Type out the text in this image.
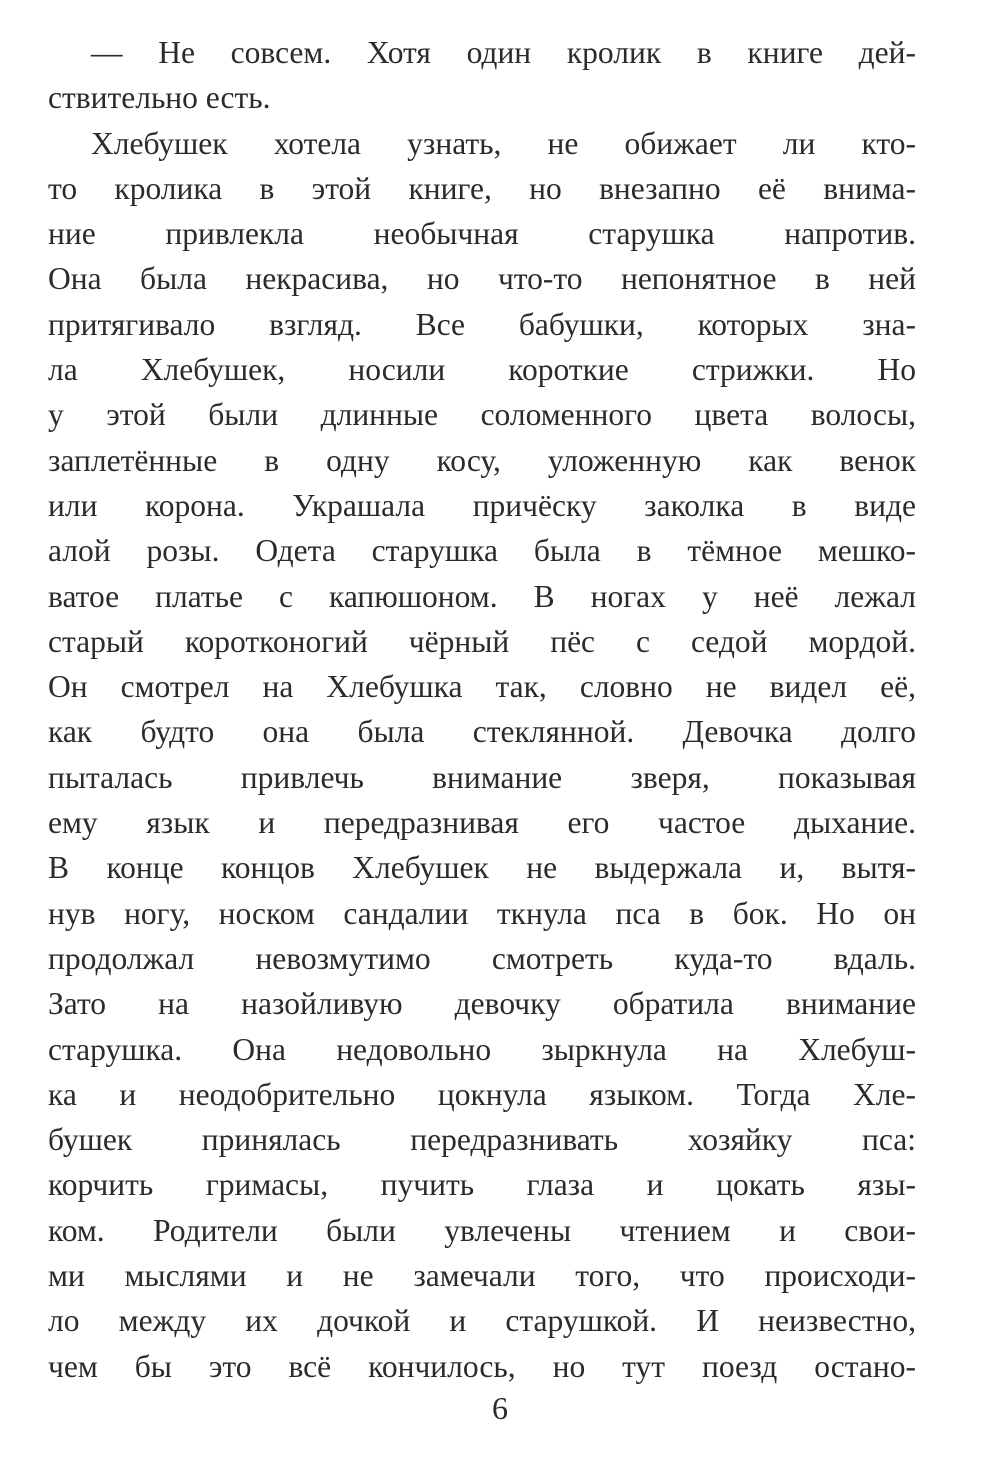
— Не совсем. Хотя один кролик в книге дей-
ствительно есть.
Хлебушек хотела узнать, не обижает ли кто-
то кролика в этой книге, но внезапно её внима-
ние привлекла необычная старушка напротив.
Она была некрасива, но что-то непонятное в ней
притягивало взгляд. Все бабушки, которых зна-
ла Хлебушек, носили короткие стрижки. Но
у этой были длинные соломенного цвета волосы,
заплетённые в одну косу, уложенную как венок
или корона. Украшала причёску заколка в виде
алой розы. Одета старушка была в тёмное мешко-
ватое платье с капюшоном. В ногах у неё лежал
старый коротконогий чёрный пёс с седой мордой.
Он смотрел на Хлебушка так, словно не видел её,
как будто она была стеклянной. Девочка долго
пыталась привлечь внимание зверя, показывая
ему язык и передразнивая его частое дыхание.
В конце концов Хлебушек не выдержала и, вытя-
нув ногу, носком сандалии ткнула пса в бок. Но он
продолжал невозмутимо смотреть куда-то вдаль.
Зато на назойливую девочку обратила внимание
старушка. Она недовольно зыркнула на Хлебуш-
ка и неодобрительно цокнула языком. Тогда Хле-
бушек принялась передразнивать хозяйку пса:
корчить гримасы, пучить глаза и цокать язы-
ком. Родители были увлечены чтением и свои-
ми мыслями и не замечали того, что происходи-
ло между их дочкой и старушкой. И неизвестно,
чем бы это всё кончилось, но тут поезд остано-
6
